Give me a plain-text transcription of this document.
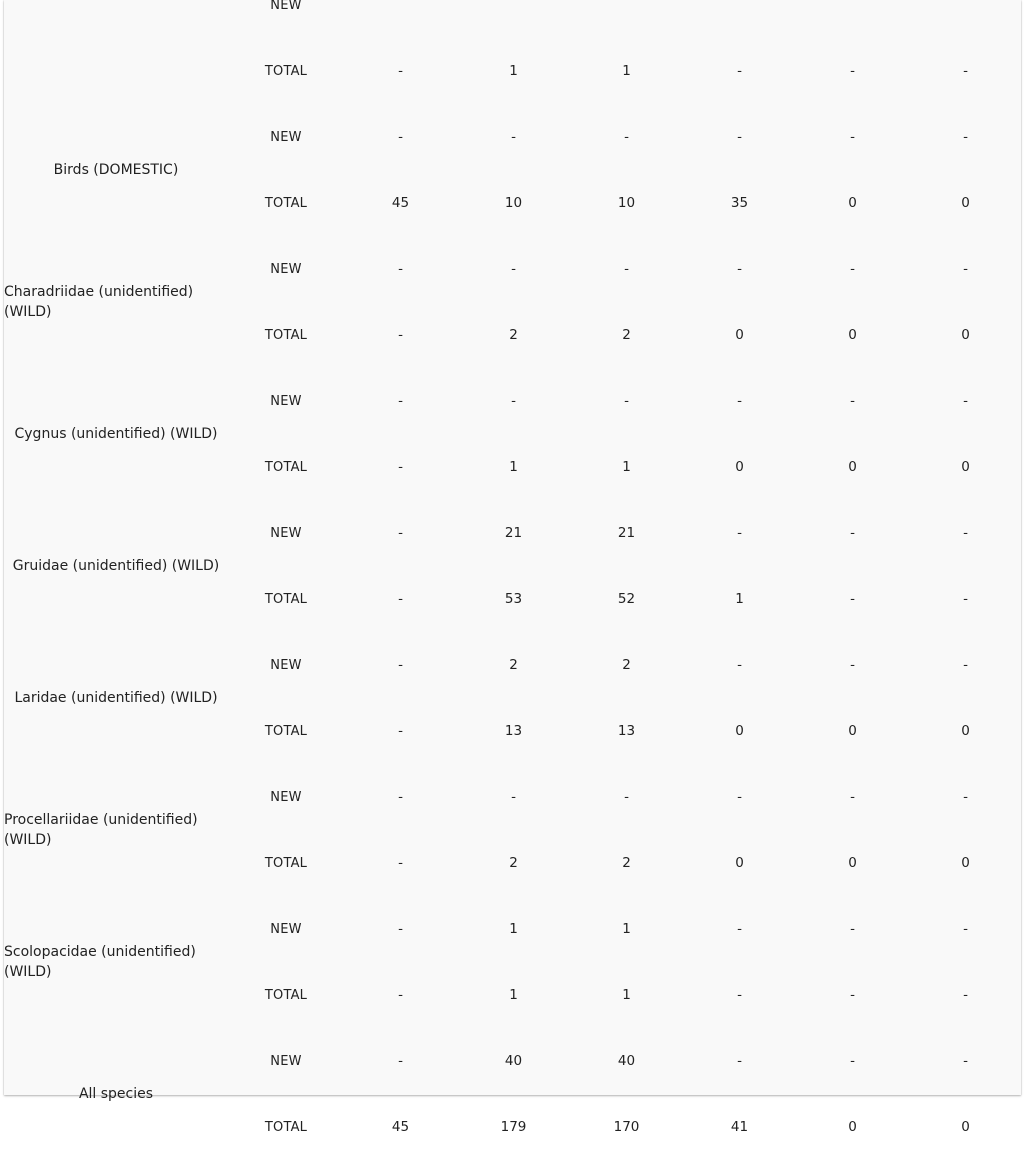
	NEW						
	TOTAL	-	1	1	-	-	-
Birds (DOMESTIC)	NEW	-	-	-	-	-	-
	TOTAL	45	10	10	35	0	0
Charadriidae (unidentified) (WILD)	NEW	-	-	-	-	-	-
	TOTAL	-	2	2	0	0	0
Cygnus (unidentified) (WILD)	NEW	-	-	-	-	-	-
	TOTAL	-	1	1	0	0	0
Gruidae (unidentified) (WILD)	NEW	-	21	21	-	-	-
	TOTAL	-	53	52	1	-	-
Laridae (unidentified) (WILD)	NEW	-	2	2	-	-	-
	TOTAL	-	13	13	0	0	0
Procellariidae (unidentified) (WILD)	NEW	-	-	-	-	-	-
	TOTAL	-	2	2	0	0	0
Scolopacidae (unidentified) (WILD)	NEW	-	1	1	-	-	-
	TOTAL	-	1	1	-	-	-
All species	NEW	-	40	40	-	-	-
	TOTAL	45	179	170	41	0	0
